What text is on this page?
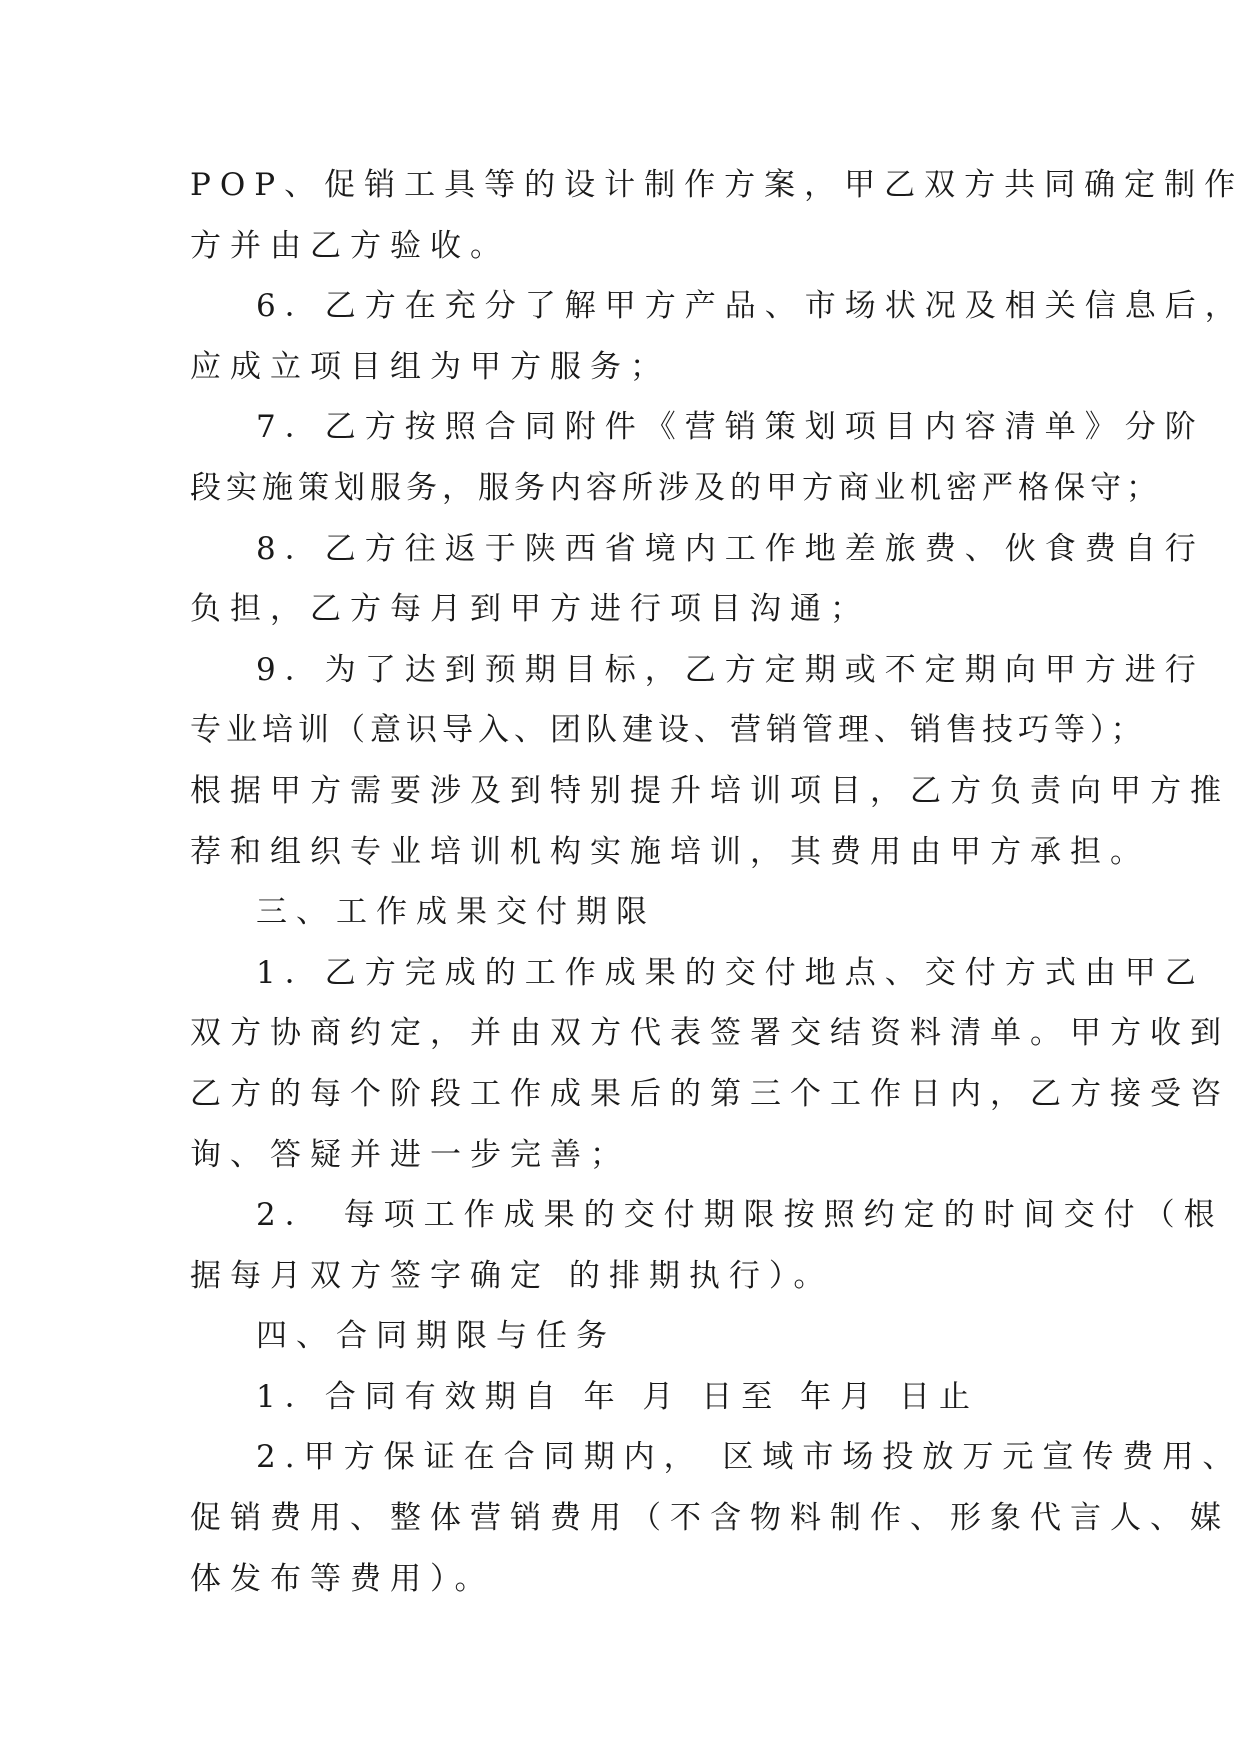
POP、促销工具等的设计制作方案，甲乙双方共同确定制作
方并由乙方验收。
6．乙方在充分了解甲方产品、市场状况及相关信息后，
应成立项目组为甲方服务；
7．乙方按照合同附件《营销策划项目内容清单》分阶
段实施策划服务，服务内容所涉及的甲方商业机密严格保守；
8．乙方往返于陕西省境内工作地差旅费、伙食费自行
负担，乙方每月到甲方进行项目沟通；
9．为了达到预期目标，乙方定期或不定期向甲方进行
专业培训（意识导入、团队建设、营销管理、销售技巧等）；
根据甲方需要涉及到特别提升培训项目，乙方负责向甲方推
荐和组织专业培训机构实施培训，其费用由甲方承担。
三、工作成果交付期限
1．乙方完成的工作成果的交付地点、交付方式由甲乙
双方协商约定，并由双方代表签署交结资料清单。甲方收到
乙方的每个阶段工作成果后的第三个工作日内，乙方接受咨
询、答疑并进一步完善；
2． 每项工作成果的交付期限按照约定的时间交付（根
据每月双方签字确定 的排期执行）。
四、合同期限与任务
1．合同有效期自 年 月 日至 年月 日止
2.甲方保证在合同期内， 区域市场投放万元宣传费用、
促销费用、整体营销费用（不含物料制作、形象代言人、媒
体发布等费用）。
